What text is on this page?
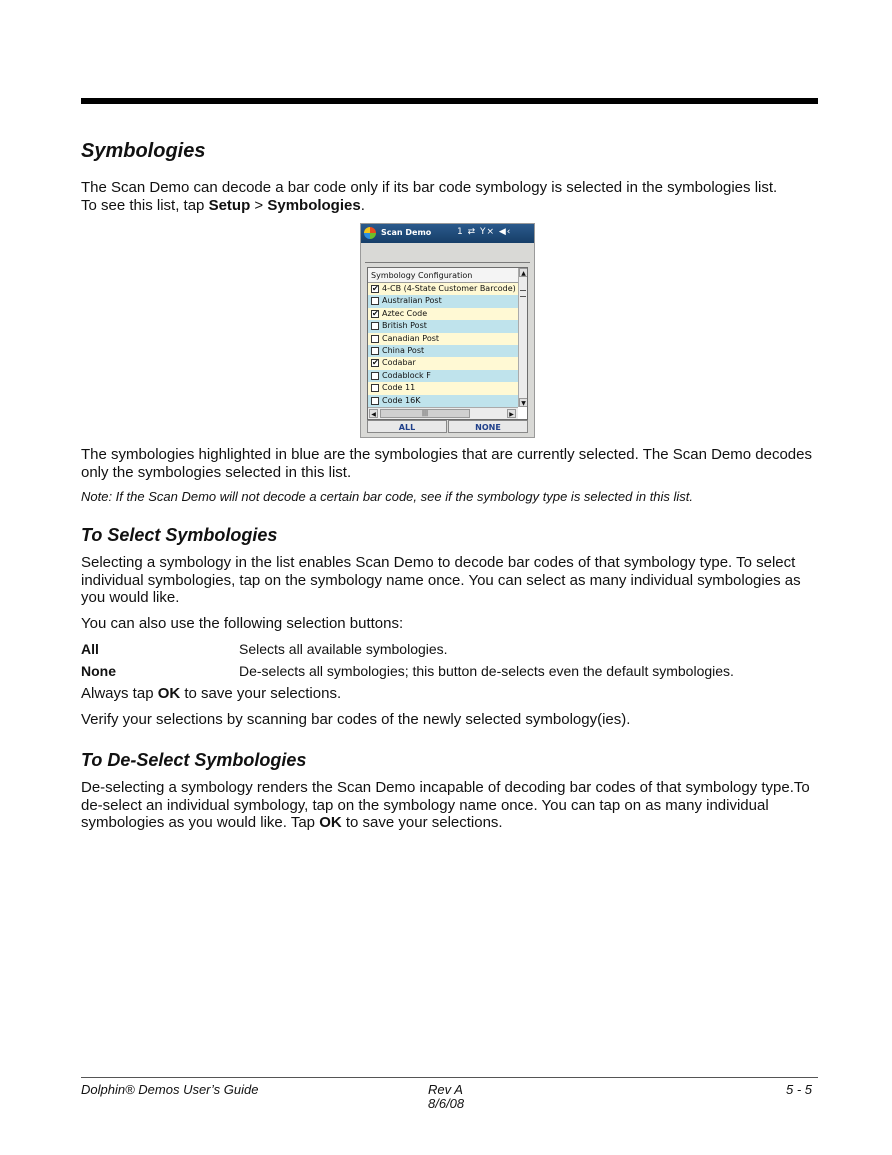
Symbologies

The Scan Demo can decode a bar code only if its bar code symbology is selected in the symbologies list.
To see this list, tap Setup > Symbologies.

Scan Demo	1 ⇄ Y× ◀‹
Symbology Configuration
✔ 4-CB (4-State Customer Barcode)
Australian Post
✔ Aztec Code
British Post
Canadian Post
China Post
✔ Codabar
Codablock F
Code 11
Code 16K
▲
▼
◀	|||	▶
ALL	NONE

The symbologies highlighted in blue are the symbologies that are currently selected. The Scan Demo decodes only the symbologies selected in this list.

Note: If the Scan Demo will not decode a certain bar code, see if the symbology type is selected in this list.

To Select Symbologies

Selecting a symbology in the list enables Scan Demo to decode bar codes of that symbology type. To select individual symbologies, tap on the symbology name once. You can select as many individual symbologies as you would like.

You can also use the following selection buttons:

All	Selects all available symbologies.
None	De-selects all symbologies; this button de-selects even the default symbologies.

Always tap OK to save your selections.

Verify your selections by scanning bar codes of the newly selected symbology(ies).

To De-Select Symbologies

De-selecting a symbology renders the Scan Demo incapable of decoding bar codes of that symbology type.To de-select an individual symbology, tap on the symbology name once. You can tap on as many individual symbologies as you would like. Tap OK to save your selections.

Dolphin® Demos User’s Guide	Rev A
8/6/08
5 - 5
